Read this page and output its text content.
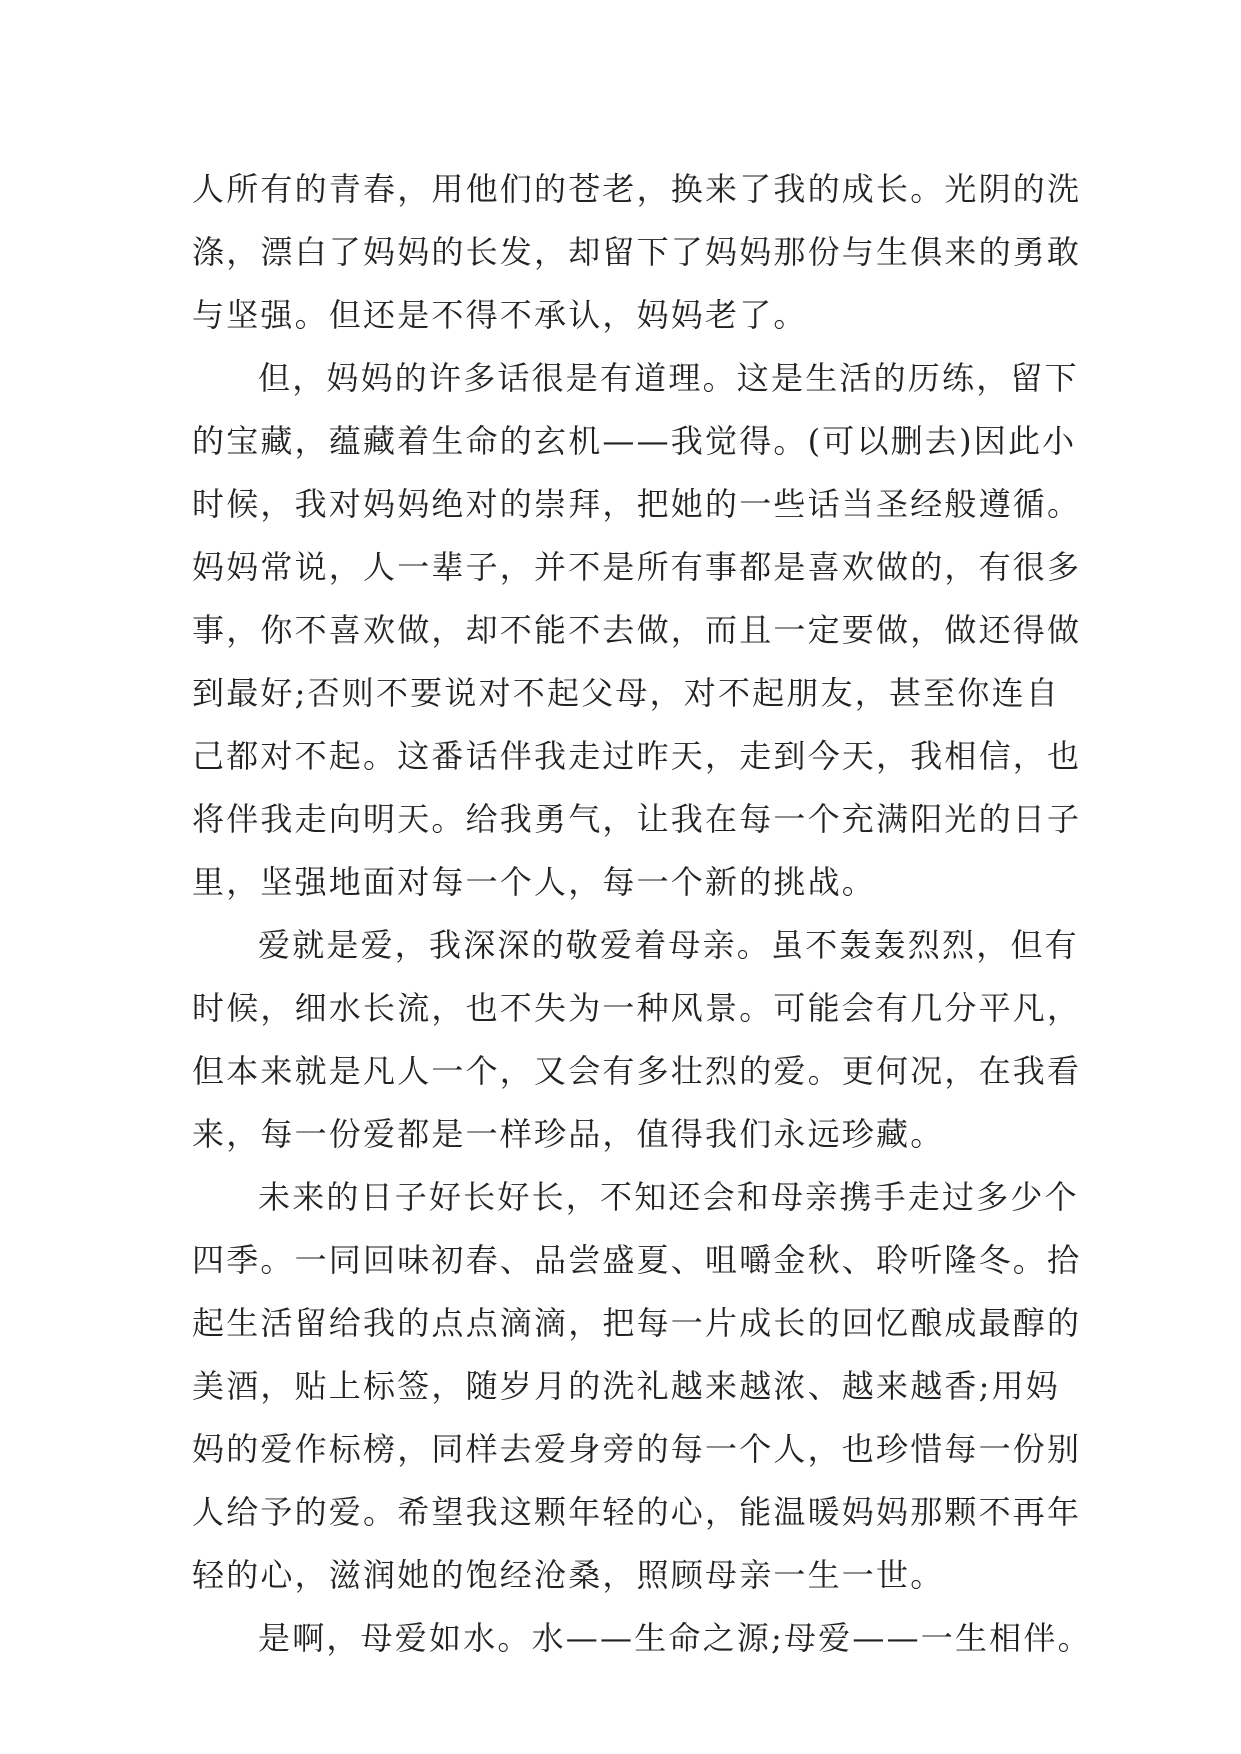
人所有的青春，用他们的苍老，换来了我的成长。光阴的洗
涤，漂白了妈妈的长发，却留下了妈妈那份与生俱来的勇敢
与坚强。但还是不得不承认，妈妈老了。
但，妈妈的许多话很是有道理。这是生活的历练，留下
的宝藏，蕴藏着生命的玄机——我觉得。(可以删去)因此小
时候，我对妈妈绝对的崇拜，把她的一些话当圣经般遵循。
妈妈常说，人一辈子，并不是所有事都是喜欢做的，有很多
事，你不喜欢做，却不能不去做，而且一定要做，做还得做
到最好;否则不要说对不起父母，对不起朋友，甚至你连自
己都对不起。这番话伴我走过昨天，走到今天，我相信，也
将伴我走向明天。给我勇气，让我在每一个充满阳光的日子
里，坚强地面对每一个人，每一个新的挑战。
爱就是爱，我深深的敬爱着母亲。虽不轰轰烈烈，但有
时候，细水长流，也不失为一种风景。可能会有几分平凡，
但本来就是凡人一个，又会有多壮烈的爱。更何况，在我看
来，每一份爱都是一样珍品，值得我们永远珍藏。
未来的日子好长好长，不知还会和母亲携手走过多少个
四季。一同回味初春、品尝盛夏、咀嚼金秋、聆听隆冬。拾
起生活留给我的点点滴滴，把每一片成长的回忆酿成最醇的
美酒，贴上标签，随岁月的洗礼越来越浓、越来越香;用妈
妈的爱作标榜，同样去爱身旁的每一个人，也珍惜每一份别
人给予的爱。希望我这颗年轻的心，能温暖妈妈那颗不再年
轻的心，滋润她的饱经沧桑，照顾母亲一生一世。
是啊，母爱如水。水——生命之源;母爱——一生相伴。
